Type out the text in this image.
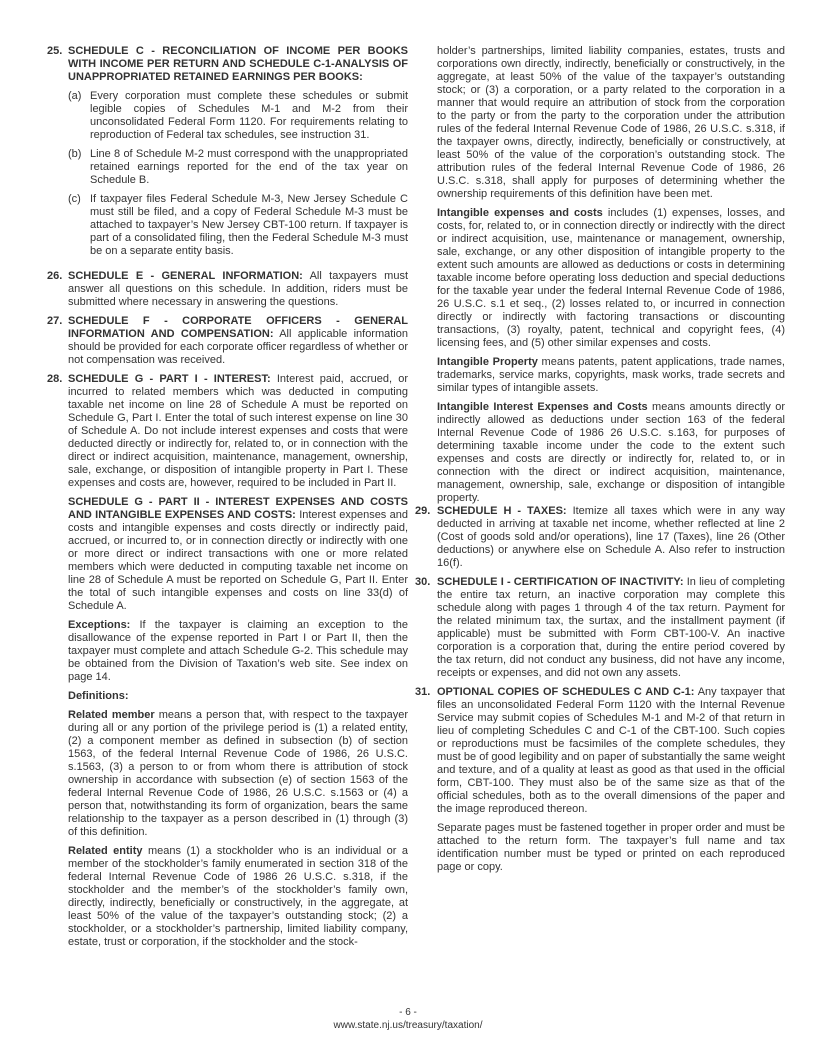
25. SCHEDULE C - RECONCILIATION OF INCOME PER BOOKS WITH INCOME PER RETURN AND SCHEDULE C-1-ANALYSIS OF UNAPPROPRIATED RETAINED EARNINGS PER BOOKS:

(a) Every corporation must complete these schedules or submit legible copies of Schedules M-1 and M-2 from their unconsolidated Federal Form 1120. For requirements relating to reproduction of Federal tax schedules, see instruction 31.
(b) Line 8 of Schedule M-2 must correspond with the unappropriated retained earnings reported for the end of the tax year on Schedule B.
(c) If taxpayer files Federal Schedule M-3, New Jersey Schedule C must still be filed, and a copy of Federal Schedule M-3 must be attached to taxpayer’s New Jersey CBT-100 return. If taxpayer is part of a consolidated filing, then the Federal Schedule M-3 must be on a separate entity basis.
26. SCHEDULE E - GENERAL INFORMATION: All taxpayers must answer all questions on this schedule. In addition, riders must be submitted where necessary in answering the questions.

27. SCHEDULE F - CORPORATE OFFICERS - GENERAL INFORMATION AND COMPENSATION: All applicable information should be provided for each corporate officer regardless of whether or not compensation was received.

28. SCHEDULE G - PART I - INTEREST: Interest paid, accrued, or incurred to related members which was deducted in computing taxable net income on line 28 of Schedule A must be reported on Schedule G, Part I. Enter the total of such interest expense on line 30 of Schedule A. Do not include interest expenses and costs that were deducted directly or indirectly for, related to, or in connection with the direct or indirect acquisition, maintenance, management, ownership, sale, exchange, or disposition of intangible property in Part I. These expenses and costs are, however, required to be included in Part II.

SCHEDULE G - PART II - INTEREST EXPENSES AND COSTS AND INTANGIBLE EXPENSES AND COSTS: Interest expenses and costs and intangible expenses and costs directly or indirectly paid, accrued, or incurred to, or in connection directly or indirectly with one or more direct or indirect transactions with one or more related members which were deducted in computing taxable net income on line 28 of Schedule A must be reported on Schedule G, Part II. Enter the total of such intangible expenses and costs on line 33(d) of Schedule A.

Exceptions: If the taxpayer is claiming an exception to the disallowance of the expense reported in Part I or Part II, then the taxpayer must complete and attach Schedule G-2. This schedule may be obtained from the Division of Taxation’s web site. See index on page 14.

Definitions:

Related member means a person that, with respect to the taxpayer during all or any portion of the privilege period is (1) a related entity, (2) a component member as defined in subsection (b) of section 1563, of the federal Internal Revenue Code of 1986, 26 U.S.C. s.1563, (3) a person to or from whom there is attribution of stock ownership in accordance with subsection (e) of section 1563 of the federal Internal Revenue Code of 1986, 26 U.S.C. s.1563 or (4) a person that, notwithstanding its form of organization, bears the same relationship to the taxpayer as a person described in (1) through (3) of this definition.

Related entity means (1) a stockholder who is an individual or a member of the stockholder’s family enumerated in section 318 of the federal Internal Revenue Code of 1986 26 U.S.C. s.318, if the stockholder and the member’s of the stockholder’s family own, directly, indirectly, beneficially or constructively, in the aggregate, at least 50% of the value of the taxpayer’s outstanding stock; (2) a stockholder, or a stockholder’s partnership, limited liability company, estate, trust or corporation, if the stockholder and the stock-

holder’s partnerships, limited liability companies, estates, trusts and corporations own directly, indirectly, beneficially or constructively, in the aggregate, at least 50% of the value of the taxpayer’s outstanding stock; or (3) a corporation, or a party related to the corporation in a manner that would require an attribution of stock from the corporation to the party or from the party to the corporation under the attribution rules of the federal Internal Revenue Code of 1986, 26 U.S.C. s.318, if the taxpayer owns, directly, indirectly, beneficially or constructively, at least 50% of the value of the corporation’s outstanding stock. The attribution rules of the federal Internal Revenue Code of 1986, 26 U.S.C. s.318, shall apply for purposes of determining whether the ownership requirements of this definition have been met.

Intangible expenses and costs includes (1) expenses, losses, and costs, for, related to, or in connection directly or indirectly with the direct or indirect acquisition, use, maintenance or management, ownership, sale, exchange, or any other disposition of intangible property to the extent such amounts are allowed as deductions or costs in determining taxable income before operating loss deduction and special deductions for the taxable year under the federal Internal Revenue Code of 1986, 26 U.S.C. s.1 et seq., (2) losses related to, or incurred in connection directly or indirectly with factoring transactions or discounting transactions, (3) royalty, patent, technical and copyright fees, (4) licensing fees, and (5) other similar expenses and costs.

Intangible Property means patents, patent applications, trade names, trademarks, service marks, copyrights, mask works, trade secrets and similar types of intangible assets.

Intangible Interest Expenses and Costs means amounts directly or indirectly allowed as deductions under section 163 of the federal Internal Revenue Code of 1986 26 U.S.C. s.163, for purposes of determining taxable income under the code to the extent such expenses and costs are directly or indirectly for, related to, or in connection with the direct or indirect acquisition, maintenance, management, ownership, sale, exchange or disposition of intangible property.

29. SCHEDULE H - TAXES: Itemize all taxes which were in any way deducted in arriving at taxable net income, whether reflected at line 2 (Cost of goods sold and/or operations), line 17 (Taxes), line 26 (Other deductions) or anywhere else on Schedule A. Also refer to instruction 16(f).

30. SCHEDULE I - CERTIFICATION OF INACTIVITY: In lieu of completing the entire tax return, an inactive corporation may complete this schedule along with pages 1 through 4 of the tax return. Payment for the related minimum tax, the surtax, and the installment payment (if applicable) must be submitted with Form CBT-100-V. An inactive corporation is a corporation that, during the entire period covered by the tax return, did not conduct any business, did not have any income, receipts or expenses, and did not own any assets.

31. OPTIONAL COPIES OF SCHEDULES C AND C-1: Any taxpayer that files an unconsolidated Federal Form 1120 with the Internal Revenue Service may submit copies of Schedules M-1 and M-2 of that return in lieu of completing Schedules C and C-1 of the CBT-100. Such copies or reproductions must be facsimiles of the complete schedules, they must be of good legibility and on paper of substantially the same weight and texture, and of a quality at least as good as that used in the official form, CBT-100. They must also be of the same size as that of the official schedules, both as to the overall dimensions of the paper and the image reproduced thereon.

Separate pages must be fastened together in proper order and must be attached to the return form. The taxpayer’s full name and tax identification number must be typed or printed on each reproduced page or copy.

- 6 -
www.state.nj.us/treasury/taxation/
